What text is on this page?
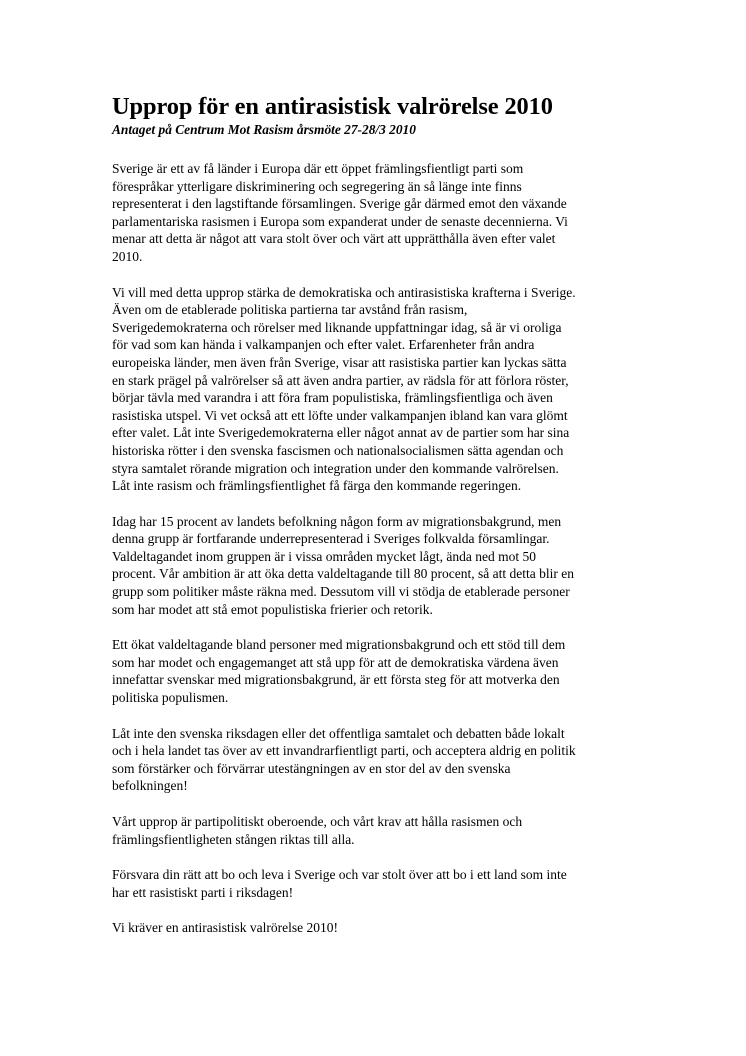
Upprop för en antirasistisk valrörelse 2010

Antaget på Centrum Mot Rasism årsmöte 27-28/3 2010

Sverige är ett av få länder i Europa där ett öppet främlingsfientligt parti som
förespråkar ytterligare diskriminering och segregering än så länge inte finns
representerat i den lagstiftande församlingen. Sverige går därmed emot den växande
parlamentariska rasismen i Europa som expanderat under de senaste decennierna. Vi
menar att detta är något att vara stolt över och värt att upprätthålla även efter valet
2010.

Vi vill med detta upprop stärka de demokratiska och antirasistiska krafterna i Sverige.
Även om de etablerade politiska partierna tar avstånd från rasism,
Sverigedemokraterna och rörelser med liknande uppfattningar idag, så är vi oroliga
för vad som kan hända i valkampanjen och efter valet. Erfarenheter från andra
europeiska länder, men även från Sverige, visar att rasistiska partier kan lyckas sätta
en stark prägel på valrörelser så att även andra partier, av rädsla för att förlora röster,
börjar tävla med varandra i att föra fram populistiska, främlingsfientliga och även
rasistiska utspel. Vi vet också att ett löfte under valkampanjen ibland kan vara glömt
efter valet. Låt inte Sverigedemokraterna eller något annat av de partier som har sina
historiska rötter i den svenska fascismen och nationalsocialismen sätta agendan och
styra samtalet rörande migration och integration under den kommande valrörelsen.
Låt inte rasism och främlingsfientlighet få färga den kommande regeringen.

Idag har 15 procent av landets befolkning någon form av migrationsbakgrund, men
denna grupp är fortfarande underrepresenterad i Sveriges folkvalda församlingar.
Valdeltagandet inom gruppen är i vissa områden mycket lågt, ända ned mot 50
procent. Vår ambition är att öka detta valdeltagande till 80 procent, så att detta blir en
grupp som politiker måste räkna med. Dessutom vill vi stödja de etablerade personer
som har modet att stå emot populistiska frierier och retorik.

Ett ökat valdeltagande bland personer med migrationsbakgrund och ett stöd till dem
som har modet och engagemanget att stå upp för att de demokratiska värdena även
innefattar svenskar med migrationsbakgrund, är ett första steg för att motverka den
politiska populismen.

Låt inte den svenska riksdagen eller det offentliga samtalet och debatten både lokalt
och i hela landet tas över av ett invandrarfientligt parti, och acceptera aldrig en politik
som förstärker och förvärrar utestängningen av en stor del av den svenska
befolkningen!

Vårt upprop är partipolitiskt oberoende, och vårt krav att hålla rasismen och
främlingsfientligheten stången riktas till alla.

Försvara din rätt att bo och leva i Sverige och var stolt över att bo i ett land som inte
har ett rasistiskt parti i riksdagen!

Vi kräver en antirasistisk valrörelse 2010!
